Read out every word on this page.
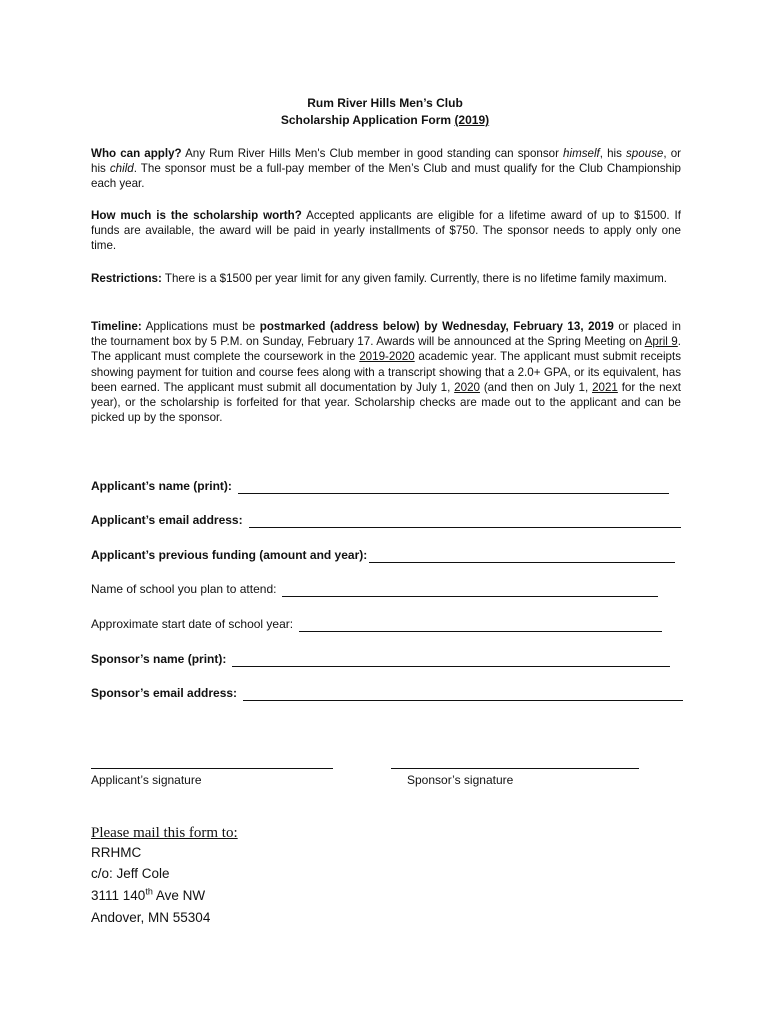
Rum River Hills Men’s Club
Scholarship Application Form (2019)
Who can apply? Any Rum River Hills Men's Club member in good standing can sponsor himself, his spouse, or his child. The sponsor must be a full-pay member of the Men’s Club and must qualify for the Club Championship each year.
How much is the scholarship worth? Accepted applicants are eligible for a lifetime award of up to $1500. If funds are available, the award will be paid in yearly installments of $750. The sponsor needs to apply only one time.
Restrictions: There is a $1500 per year limit for any given family. Currently, there is no lifetime family maximum.
Timeline: Applications must be postmarked (address below) by Wednesday, February 13, 2019 or placed in the tournament box by 5 P.M. on Sunday, February 17. Awards will be announced at the Spring Meeting on April 9. The applicant must complete the coursework in the 2019-2020 academic year. The applicant must submit receipts showing payment for tuition and course fees along with a transcript showing that a 2.0+ GPA, or its equivalent, has been earned. The applicant must submit all documentation by July 1, 2020 (and then on July 1, 2021 for the next year), or the scholarship is forfeited for that year. Scholarship checks are made out to the applicant and can be picked up by the sponsor.
Applicant’s name (print):
Applicant’s email address:
Applicant’s previous funding (amount and year):
Name of school you plan to attend:
Approximate start date of school year:
Sponsor’s name (print):
Sponsor’s email address:
Applicant’s signature	Sponsor’s signature
Please mail this form to:
RRHMC
c/o: Jeff Cole
3111 140th Ave NW
Andover, MN 55304
